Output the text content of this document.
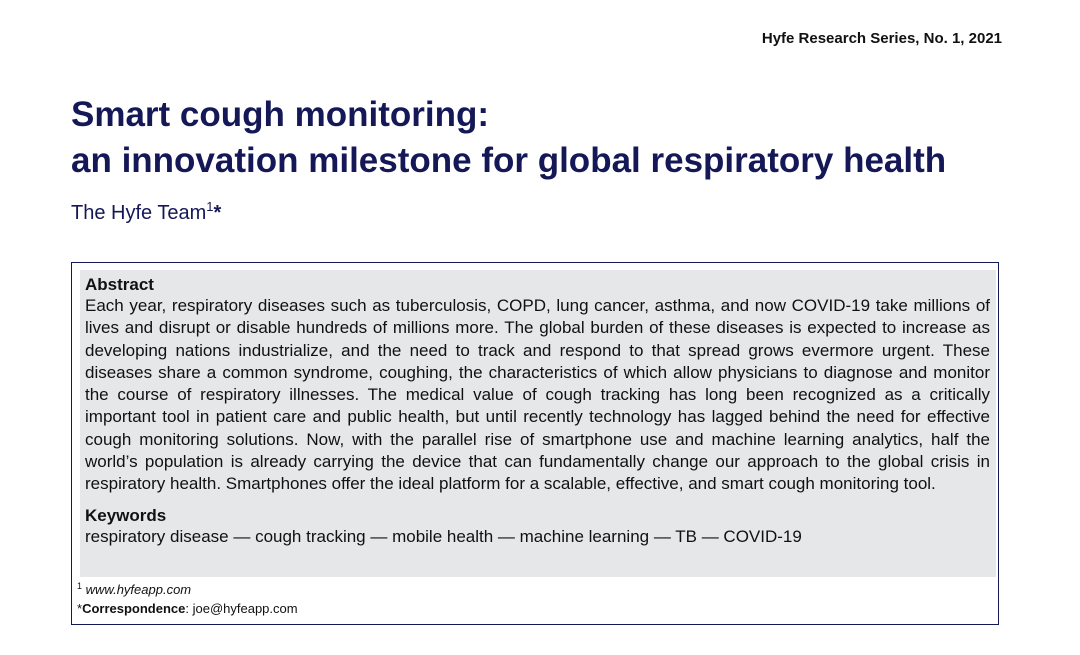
Hyfe Research Series, No. 1, 2021
Smart cough monitoring:
an innovation milestone for global respiratory health
The Hyfe Team$^1$*
Abstract

Each year, respiratory diseases such as tuberculosis, COPD, lung cancer, asthma, and now COVID-19 take millions of lives and disrupt or disable hundreds of millions more. The global burden of these diseases is expected to increase as developing nations industrialize, and the need to track and respond to that spread grows evermore urgent. These diseases share a common syndrome, coughing, the characteristics of which allow physicians to diagnose and monitor the course of respiratory illnesses. The medical value of cough tracking has long been recognized as a critically important tool in patient care and public health, but until recently technology has lagged behind the need for effective cough monitoring solutions. Now, with the parallel rise of smartphone use and machine learning analytics, half the world’s population is already carrying the device that can fundamentally change our approach to the global crisis in respiratory health. Smartphones offer the ideal platform for a scalable, effective, and smart cough monitoring tool.

Keywords
respiratory disease — cough tracking — mobile health — machine learning — TB — COVID-19
$^1$ www.hyfeapp.com
*Correspondence: joe@hyfeapp.com
